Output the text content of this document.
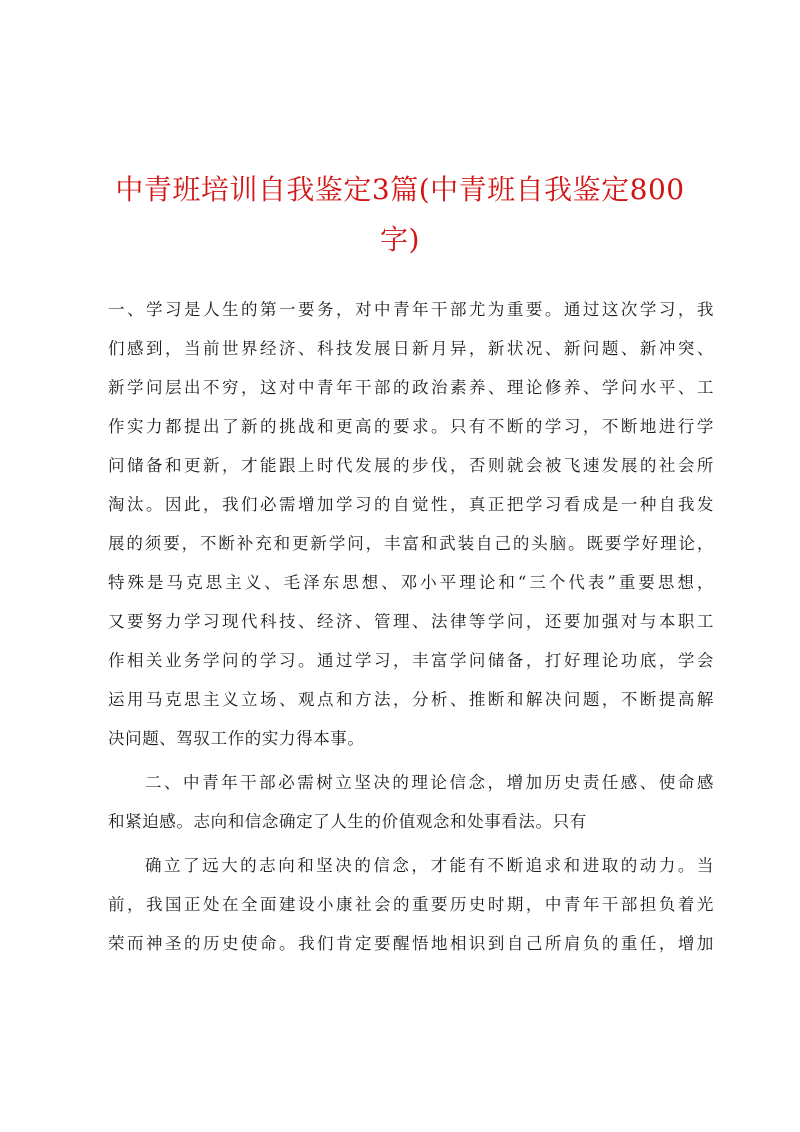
中青班培训自我鉴定3篇(中青班自我鉴定800
字)
一、学习是人生的第一要务，对中青年干部尤为重要。通过这次学习，我
们感到，当前世界经济、科技发展日新月异，新状况、新问题、新冲突、
新学问层出不穷，这对中青年干部的政治素养、理论修养、学问水平、工
作实力都提出了新的挑战和更高的要求。只有不断的学习，不断地进行学
问储备和更新，才能跟上时代发展的步伐，否则就会被飞速发展的社会所
淘汰。因此，我们必需增加学习的自觉性，真正把学习看成是一种自我发
展的须要，不断补充和更新学问，丰富和武装自己的头脑。既要学好理论，
特殊是马克思主义、毛泽东思想、邓小平理论和“三个代表”重要思想，
又要努力学习现代科技、经济、管理、法律等学问，还要加强对与本职工
作相关业务学问的学习。通过学习，丰富学问储备，打好理论功底，学会
运用马克思主义立场、观点和方法，分析、推断和解决问题，不断提高解
决问题、驾驭工作的实力得本事。
二、中青年干部必需树立坚决的理论信念，增加历史责任感、使命感
和紧迫感。志向和信念确定了人生的价值观念和处事看法。只有
确立了远大的志向和坚决的信念，才能有不断追求和进取的动力。当
前，我国正处在全面建设小康社会的重要历史时期，中青年干部担负着光
荣而神圣的历史使命。我们肯定要醒悟地相识到自己所肩负的重任，增加
